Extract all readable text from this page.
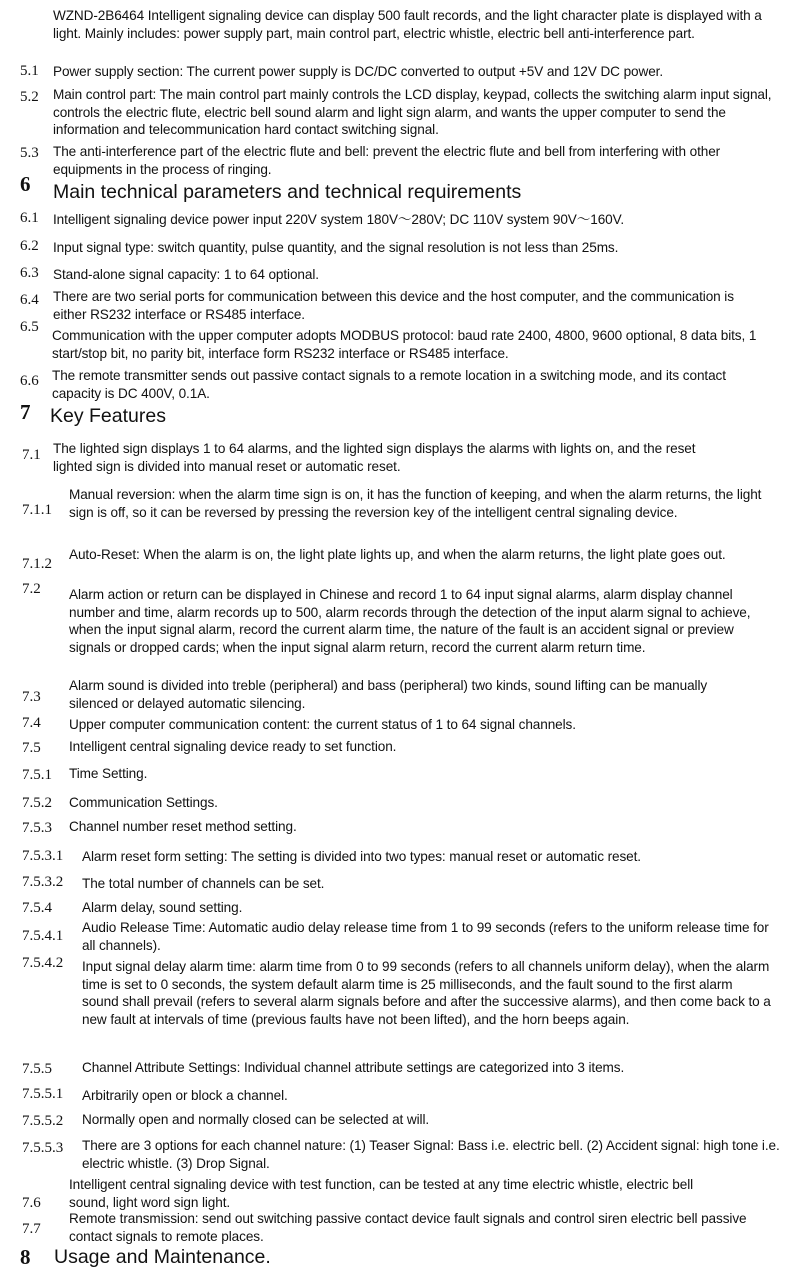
WZND-2B6464 Intelligent signaling device can display 500 fault records, and the light character plate is displayed with a light. Mainly includes: power supply part, main control part, electric whistle, electric bell anti-interference part.
5.1 Power supply section: The current power supply is DC/DC converted to output +5V and 12V DC power.
5.2 Main control part: The main control part mainly controls the LCD display, keypad, collects the switching alarm input signal, controls the electric flute, electric bell sound alarm and light sign alarm, and wants the upper computer to send the information and telecommunication hard contact switching signal.
5.3 The anti-interference part of the electric flute and bell: prevent the electric flute and bell from interfering with other equipments in the process of ringing.
6 Main technical parameters and technical requirements
6.1 Intelligent signaling device power input 220V system 180V～280V; DC 110V system 90V～160V.
6.2 Input signal type: switch quantity, pulse quantity, and the signal resolution is not less than 25ms.
6.3 Stand-alone signal capacity: 1 to 64 optional.
6.4 There are two serial ports for communication between this device and the host computer, and the communication is either RS232 interface or RS485 interface.
6.5
Communication with the upper computer adopts MODBUS protocol: baud rate 2400, 4800, 9600 optional, 8 data bits, 1 start/stop bit, no parity bit, interface form RS232 interface or RS485 interface.
6.6 The remote transmitter sends out passive contact signals to a remote location in a switching mode, and its contact capacity is DC 400V, 0.1A.
7 Key Features
7.1 The lighted sign displays 1 to 64 alarms, and the lighted sign displays the alarms with lights on, and the reset lighted sign is divided into manual reset or automatic reset.
7.1.1
Manual reversion: when the alarm time sign is on, it has the function of keeping, and when the alarm returns, the light sign is off, so it can be reversed by pressing the reversion key of the intelligent central signaling device.
7.1.2
Auto-Reset: When the alarm is on, the light plate lights up, and when the alarm returns, the light plate goes out.
7.2 Alarm action or return can be displayed in Chinese and record 1 to 64 input signal alarms, alarm display channel number and time, alarm records up to 500, alarm records through the detection of the input alarm signal to achieve, when the input signal alarm, record the current alarm time, the nature of the fault is an accident signal or preview signals or dropped cards; when the input signal alarm return, record the current alarm return time.
7.3
Alarm sound is divided into treble (peripheral) and bass (peripheral) two kinds, sound lifting can be manually silenced or delayed automatic silencing.
7.4 Upper computer communication content: the current status of 1 to 64 signal channels.
7.5 Intelligent central signaling device ready to set function.
7.5.1 Time Setting.
7.5.2 Communication Settings.
7.5.3 Channel number reset method setting.
7.5.3.1 Alarm reset form setting: The setting is divided into two types: manual reset or automatic reset.
7.5.3.2 The total number of channels can be set.
7.5.4 Alarm delay, sound setting.
7.5.4.1
Audio Release Time: Automatic audio delay release time from 1 to 99 seconds (refers to the uniform release time for all channels).
7.5.4.2 Input signal delay alarm time: alarm time from 0 to 99 seconds (refers to all channels uniform delay), when the alarm time is set to 0 seconds, the system default alarm time is 25 milliseconds, and the fault sound to the first alarm sound shall prevail (refers to several alarm signals before and after the successive alarms), and then come back to a new fault at intervals of time (previous faults have not been lifted), and the horn beeps again.
7.5.5 Channel Attribute Settings: Individual channel attribute settings are categorized into 3 items.
7.5.5.1 Arbitrarily open or block a channel.
7.5.5.2 Normally open and normally closed can be selected at will.
7.5.5.3 There are 3 options for each channel nature: (1) Teaser Signal: Bass i.e. electric bell. (2) Accident signal: high tone i.e. electric whistle. (3) Drop Signal.
7.6
Intelligent central signaling device with test function, can be tested at any time electric whistle, electric bell sound, light word sign light.
7.7
Remote transmission: send out switching passive contact device fault signals and control siren electric bell passive contact signals to remote places.
8 Usage and Maintenance.
